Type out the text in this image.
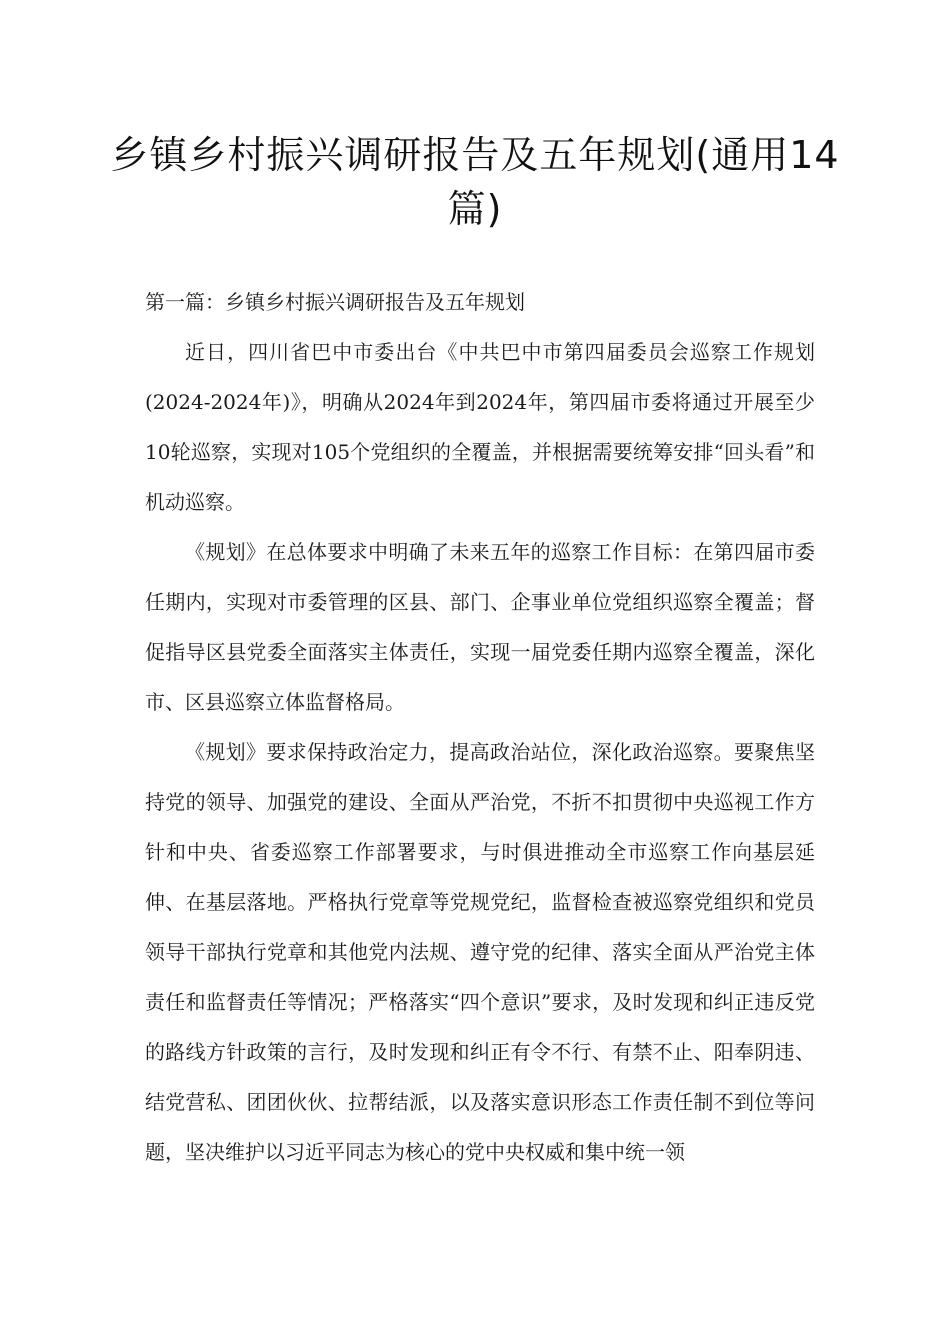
乡镇乡村振兴调研报告及五年规划(通用14篇)

第一篇：乡镇乡村振兴调研报告及五年规划

近日，四川省巴中市委出台《中共巴中市第四届委员会巡察工作规划(2024-2024年)》，明确从2024年到2024年，第四届市委将通过开展至少10轮巡察，实现对105个党组织的全覆盖，并根据需要统筹安排“回头看”和机动巡察。

《规划》在总体要求中明确了未来五年的巡察工作目标：在第四届市委任期内，实现对市委管理的区县、部门、企事业单位党组织巡察全覆盖；督促指导区县党委全面落实主体责任，实现一届党委任期内巡察全覆盖，深化市、区县巡察立体监督格局。

《规划》要求保持政治定力，提高政治站位，深化政治巡察。要聚焦坚持党的领导、加强党的建设、全面从严治党，不折不扣贯彻中央巡视工作方针和中央、省委巡察工作部署要求，与时俱进推动全市巡察工作向基层延伸、在基层落地。严格执行党章等党规党纪，监督检查被巡察党组织和党员领导干部执行党章和其他党内法规、遵守党的纪律、落实全面从严治党主体责任和监督责任等情况；严格落实“四个意识”要求，及时发现和纠正违反党的路线方针政策的言行，及时发现和纠正有令不行、有禁不止、阳奉阴违、结党营私、团团伙伙、拉帮结派，以及落实意识形态工作责任制不到位等问题，坚决维护以习近平同志为核心的党中央权威和集中统一领
